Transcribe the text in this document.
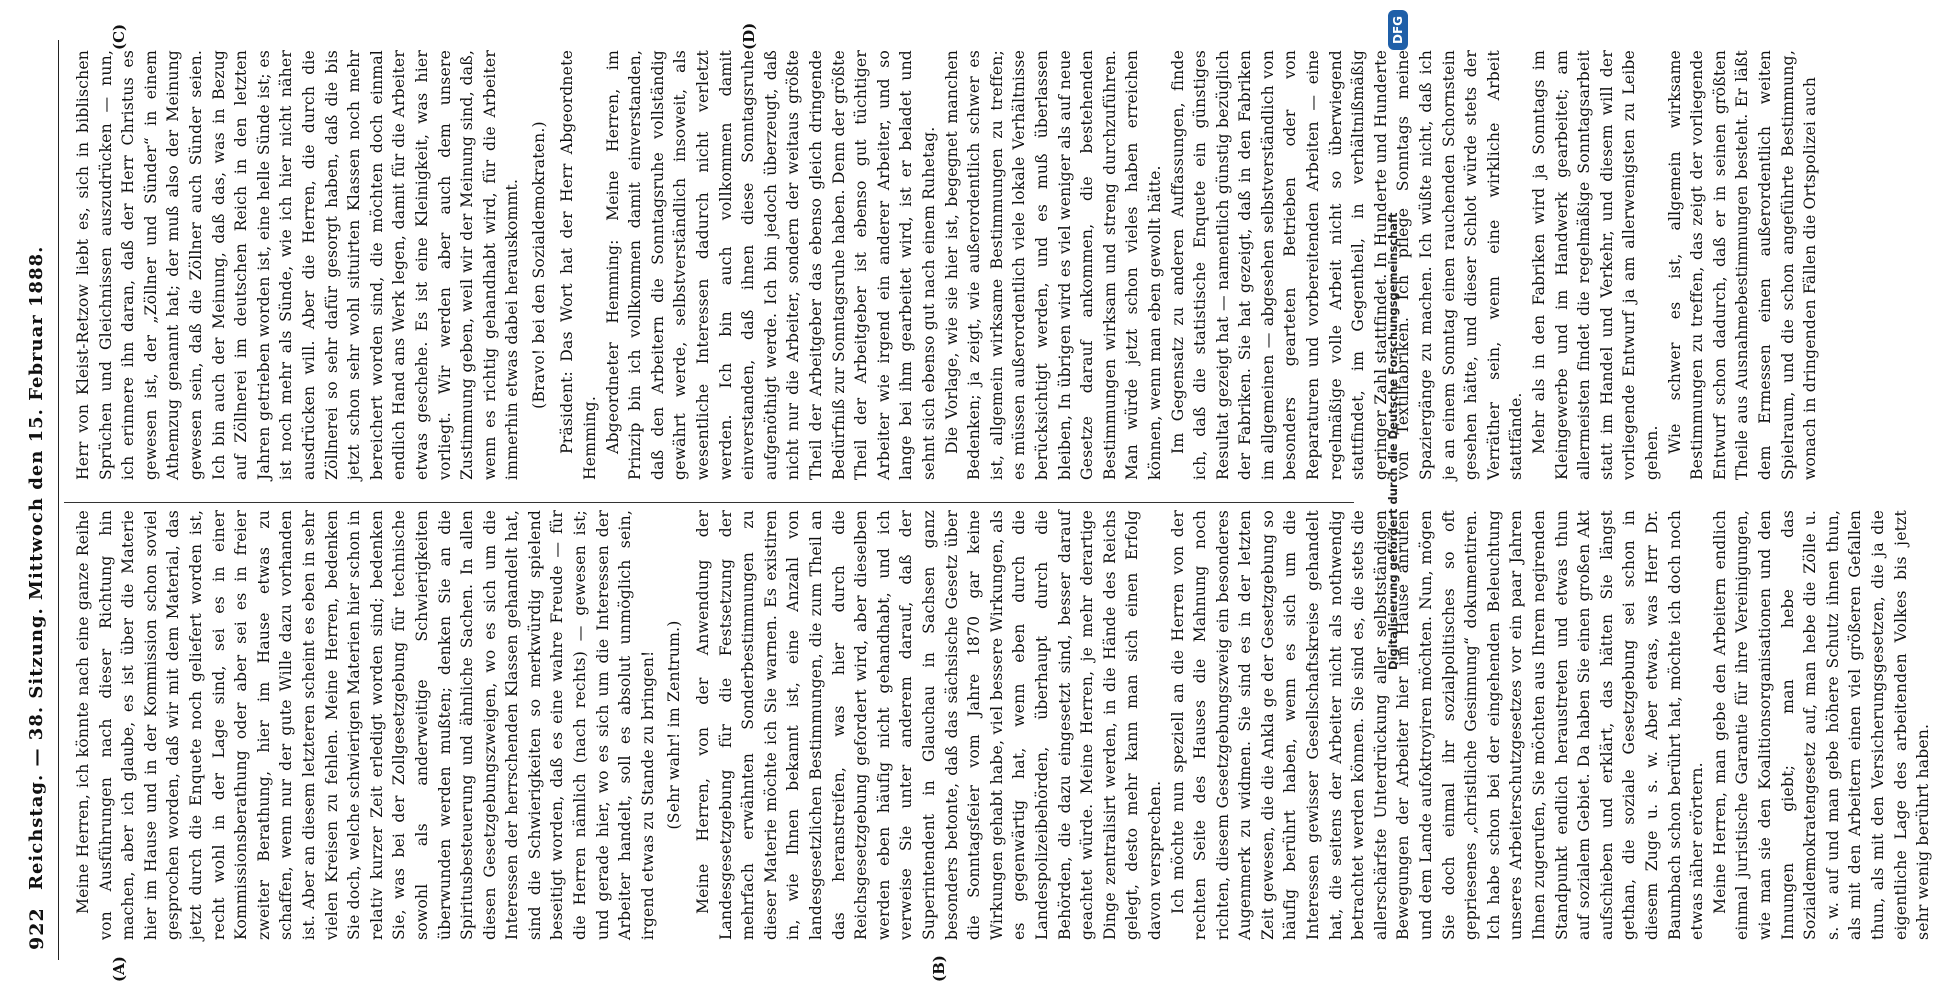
922
Reichstag. — 38. Sitzung. Mittwoch den 15. Februar 1888.
(A)	(B)
(C)	(D)

Meine Herren, ich könnte nach eine ganze Reihe von Ausführungen nach dieser Richtung hin machen, aber ich glaube, es ist über die Materie hier im Hause und in der Kommission schon soviel gesprochen worden, daß wir mit dem Material, das jetzt durch die Enquete noch geliefert worden ist, recht wohl in der Lage sind, sei es in einer Kommissionsberathung oder aber sei es in freier zweiter Berathung, hier im Hause etwas zu schaffen, wenn nur der gute Wille dazu vorhanden ist. Aber an diesem letzteren scheint es eben in sehr vielen Kreisen zu fehlen. Meine Herren, bedenken Sie doch, welche schwierigen Materien hier schon in relativ kurzer Zeit erledigt worden sind; bedenken Sie, was bei der Zollgesetzgebung für technische sowohl als anderweitige Schwierigkeiten überwunden werden mußten; denken Sie an die Spiritusbesteuerung und ähnliche Sachen. In allen diesen Gesetzgebungszweigen, wo es sich um die Interessen der herrschenden Klassen gehandelt hat, sind die Schwierigkeiten so merkwürdig spielend beseitigt worden, daß es eine wahre Freude — für die Herren nämlich (nach rechts) — gewesen ist; und gerade hier, wo es sich um die Interessen der Arbeiter handelt, soll es absolut unmöglich sein, irgend etwas zu Stande zu bringen! (Sehr wahr! im Zentrum.) Meine Herren, von der Anwendung der Landesgesetzgebung für die Festsetzung der mehrfach erwähnten Sonderbestimmungen zu dieser Materie möchte ich Sie warnen. Es existiren in, wie Ihnen bekannt ist, eine Anzahl von landesgesetzlichen Bestimmungen, die zum Theil an das heranstreifen, was hier durch die Reichsgesetzgebung gefordert wird, aber dieselben werden eben häufig nicht gehandhabt, und ich verweise Sie unter anderem darauf, daß der Superintendent in Glauchau in Sachsen ganz besonders betonte, daß das sächsische Gesetz über die Sonntagsfeier vom Jahre 1870 gar keine Wirkungen gehabt habe, viel bessere Wirkungen, als es gegenwärtig hat, wenn eben durch die Landespolizeibehörden, überhaupt durch die Behörden, die dazu eingesetzt sind, besser darauf geachtet würde. Meine Herren, je mehr derartige Dinge zentralisirt werden, in die Hände des Reichs gelegt, desto mehr kann man sich einen Erfolg davon versprechen. Ich möchte nun speziell an die Herren von der rechten Seite des Hauses die Mahnung noch richten, diesem Gesetzgebungszweig ein besonderes Augenmerk zu widmen. Sie sind es in der letzten Zeit gewesen, die die Ankla ge der Gesetzgebung so häufig berührt haben, wenn es sich um die Interessen gewisser Gesellschaftskreise gehandelt hat, die seitens der Arbeiter nicht als nothwendig betrachtet werden können. Sie sind es, die stets die allerschärfste Unterdrückung aller selbstständigen Bewegungen der Arbeiter hier im Hause anrufen und dem Lande aufoktroyiren möchten. Nun, mögen Sie doch einmal ihr sozialpolitisches so oft gepriesenes „christliche Gesinnung“ dokumentiren. Ich habe schon bei der eingehenden Beleuchtung unseres Arbeiterschutzgesetzes vor ein paar Jahren Ihnen zugerufen, Sie möchten aus Ihrem negirenden Standpunkt endlich heraustreten und etwas thun auf sozialem Gebiet. Da haben Sie einen großen Akt aufschieben und erklärt, das hätten Sie längst gethan, die soziale Gesetzgebung sei schon in diesem Zuge u. s. w. Aber etwas, was Herr Dr. Baumbach schon berührt hat, möchte ich doch noch etwas näher erörtern. Meine Herren, man gebe den Arbeitern endlich einmal juristische Garantie für ihre Vereinigungen, wie man sie den Koalitionsorganisationen und den Innungen giebt; man hebe das Sozialdemokratengesetz auf, man hebe die Zölle u. s. w. auf und man gebe höhere Schutz ihnen thun, als mit den Arbeitern einen viel größeren Gefallen thun, als mit den Versicherungsgesetzen, die ja die eigentliche Lage des arbeitenden Volkes bis jetzt sehr wenig berührt haben.

Herr von Kleist-Retzow liebt es, sich in biblischen Sprüchen und Gleichnissen auszudrücken — nun, ich erinnere ihn daran, daß der Herr Christus es gewesen ist, der „Zöllner und Sünder“ in einem Athemzug genannt hat; der muß also der Meinung gewesen sein, daß die Zöllner auch Sünder seien. Ich bin auch der Meinung, daß das, was in Bezug auf Zöllnerei im deutschen Reich in den letzten Jahren getrieben worden ist, eine helle Sünde ist; es ist noch mehr als Sünde, wie ich hier nicht näher ausdrücken will. Aber die Herren, die durch die Zöllnerei so sehr dafür gesorgt haben, daß die bis jetzt schon sehr wohl situirten Klassen noch mehr bereichert worden sind, die möchten doch einmal endlich Hand ans Werk legen, damit für die Arbeiter etwas geschehe. Es ist eine Kleinigkeit, was hier vorliegt. Wir werden aber auch dem unsere Zustimmung geben, weil wir der Meinung sind, daß, wenn es richtig gehandhabt wird, für die Arbeiter immerhin etwas dabei herauskommt. (Bravo! bei den Sozialdemokraten.) Präsident: Das Wort hat der Herr Abgeordnete Hemming. Abgeordneter Hemming: Meine Herren, im Prinzip bin ich vollkommen damit einverstanden, daß den Arbeitern die Sonntagsruhe vollständig gewährt werde, selbstverständlich insoweit, als wesentliche Interessen dadurch nicht verletzt werden. Ich bin auch vollkommen damit einverstanden, daß ihnen diese Sonntagsruhe aufgenöthigt werde. Ich bin jedoch überzeugt, daß nicht nur die Arbeiter, sondern der weitaus größte Theil der Arbeitgeber das ebenso gleich dringende Bedürfniß zur Sonntagsruhe haben. Denn der größte Theil der Arbeitgeber ist ebenso gut tüchtiger Arbeiter wie irgend ein anderer Arbeiter, und so lange bei ihm gearbeitet wird, ist er beladet und sehnt sich ebenso gut nach einem Ruhetag. Die Vorlage, wie sie hier ist, begegnet manchen Bedenken; ja zeigt, wie außerordentlich schwer es ist, allgemein wirksame Bestimmungen zu treffen; es müssen außerordentlich viele lokale Verhältnisse berücksichtigt werden, und es muß überlassen bleiben, In übrigen wird es viel weniger als auf neue Gesetze darauf ankommen, die bestehenden Bestimmungen wirksam und streng durchzuführen. Man würde jetzt schon vieles haben erreichen können, wenn man eben gewollt hätte. Im Gegensatz zu anderen Auffassungen, finde ich, daß die statistische Enquete ein günstiges Resultat gezeigt hat — namentlich günstig bezüglich der Fabriken. Sie hat gezeigt, daß in den Fabriken im allgemeinen — abgesehen selbstverständlich von besonders gearteten Betrieben oder von Reparaturen und vorbereitenden Arbeiten — eine regelmäßige volle Arbeit nicht so überwiegend stattfindet, im Gegentheil, in verhältnißmäßig geringer Zahl stattfindet. In Hunderte und Hunderte von Textilfabriken. Ich pflege Sonntags meine Spaziergänge zu machen. Ich wüßte nicht, daß ich je an einem Sonntag einen rauchenden Schornstein gesehen hätte, und dieser Schlot würde stets der Verräther sein, wenn eine wirkliche Arbeit stattfände. Mehr als in den Fabriken wird ja Sonntags im Kleingewerbe und im Handwerk gearbeitet; am allermeisten findet die regelmäßige Sonntagsarbeit statt im Handel und Verkehr, und diesem will der vorliegende Entwurf ja am allerwenigsten zu Leibe gehen. Wie schwer es ist, allgemein wirksame Bestimmungen zu treffen, das zeigt der vorliegende Entwurf schon dadurch, daß er in seinen größten Theile aus Ausnahmebestimmungen besteht. Er läßt dem Ermessen einen außerordentlich weiten Spielraum, und die schon angeführte Bestimmung, wonach in dringenden Fällen die Ortspolizei auch

Digitalisierung gefördert durch die Deutsche Forschungsgemeinschaft
DFG
